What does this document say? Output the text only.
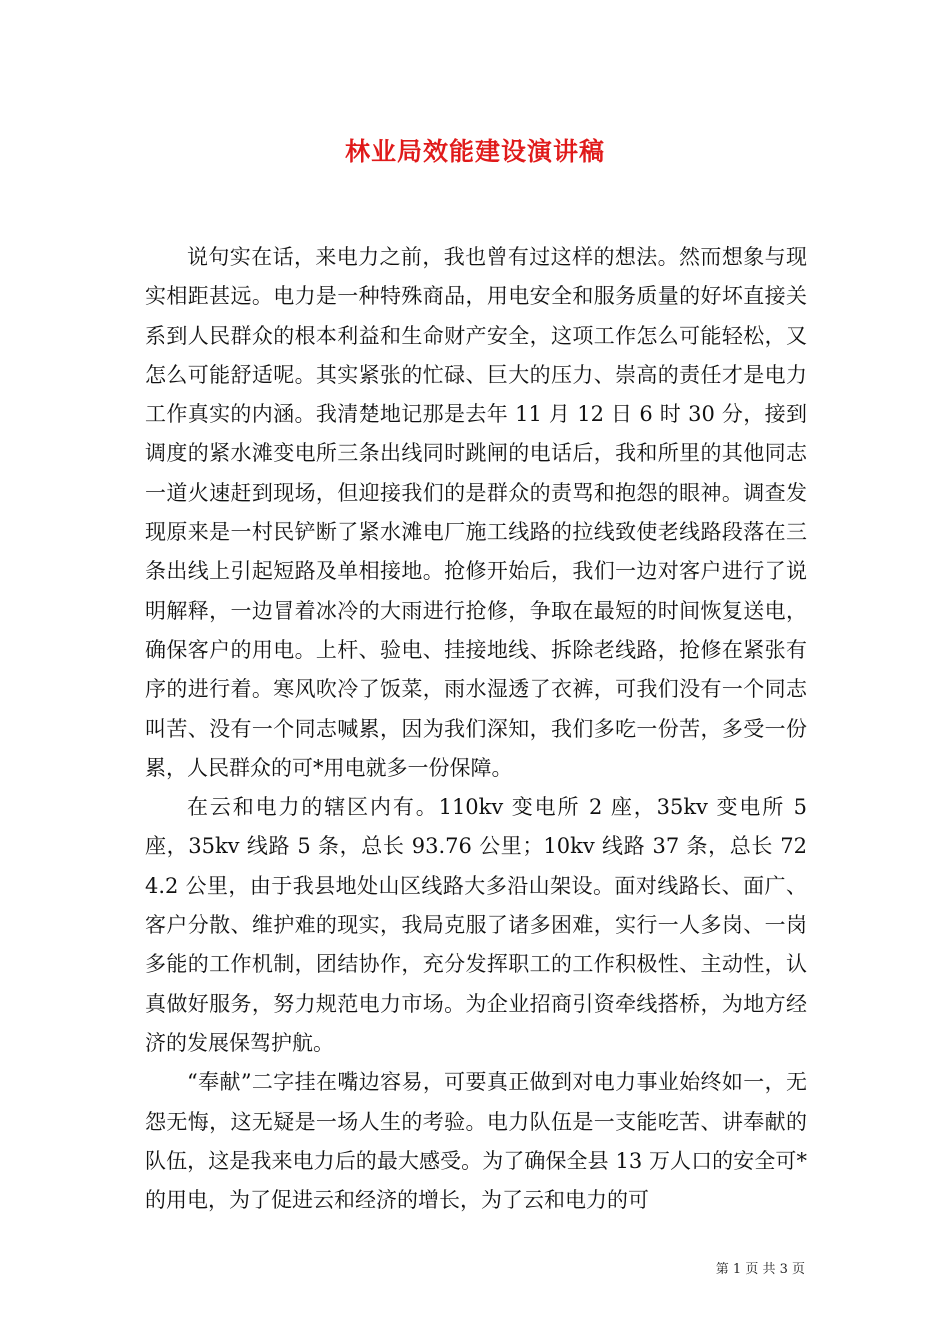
林业局效能建设演讲稿

说句实在话，来电力之前，我也曾有过这样的想法。然而想象与现实相距甚远。电力是一种特殊商品，用电安全和服务质量的好坏直接关系到人民群众的根本利益和生命财产安全，这项工作怎么可能轻松，又怎么可能舒适呢。其实紧张的忙碌、巨大的压力、崇高的责任才是电力工作真实的内涵。我清楚地记那是去年 11 月 12 日 6 时 30 分，接到调度的紧水滩变电所三条出线同时跳闸的电话后，我和所里的其他同志一道火速赶到现场，但迎接我们的是群众的责骂和抱怨的眼神。调查发现原来是一村民铲断了紧水滩电厂施工线路的拉线致使老线路段落在三条出线上引起短路及单相接地。抢修开始后，我们一边对客户进行了说明解释，一边冒着冰冷的大雨进行抢修，争取在最短的时间恢复送电，确保客户的用电。上杆、验电、挂接地线、拆除老线路，抢修在紧张有序的进行着。寒风吹冷了饭菜，雨水湿透了衣裤，可我们没有一个同志叫苦、没有一个同志喊累，因为我们深知，我们多吃一份苦，多受一份累，人民群众的可*用电就多一份保障。

在云和电力的辖区内有。110kv 变电所 2 座，35kv 变电所 5 座，35kv 线路 5 条，总长 93.76 公里；10kv 线路 37 条，总长 724.2 公里，由于我县地处山区线路大多沿山架设。面对线路长、面广、客户分散、维护难的现实，我局克服了诸多困难，实行一人多岗、一岗多能的工作机制，团结协作，充分发挥职工的工作积极性、主动性，认真做好服务，努力规范电力市场。为企业招商引资牵线搭桥，为地方经济的发展保驾护航。

“奉献”二字挂在嘴边容易，可要真正做到对电力事业始终如一，无怨无悔，这无疑是一场人生的考验。电力队伍是一支能吃苦、讲奉献的队伍，这是我来电力后的最大感受。为了确保全县 13 万人口的安全可*的用电，为了促进云和经济的增长，为了云和电力的可

第 1 页 共 3 页
